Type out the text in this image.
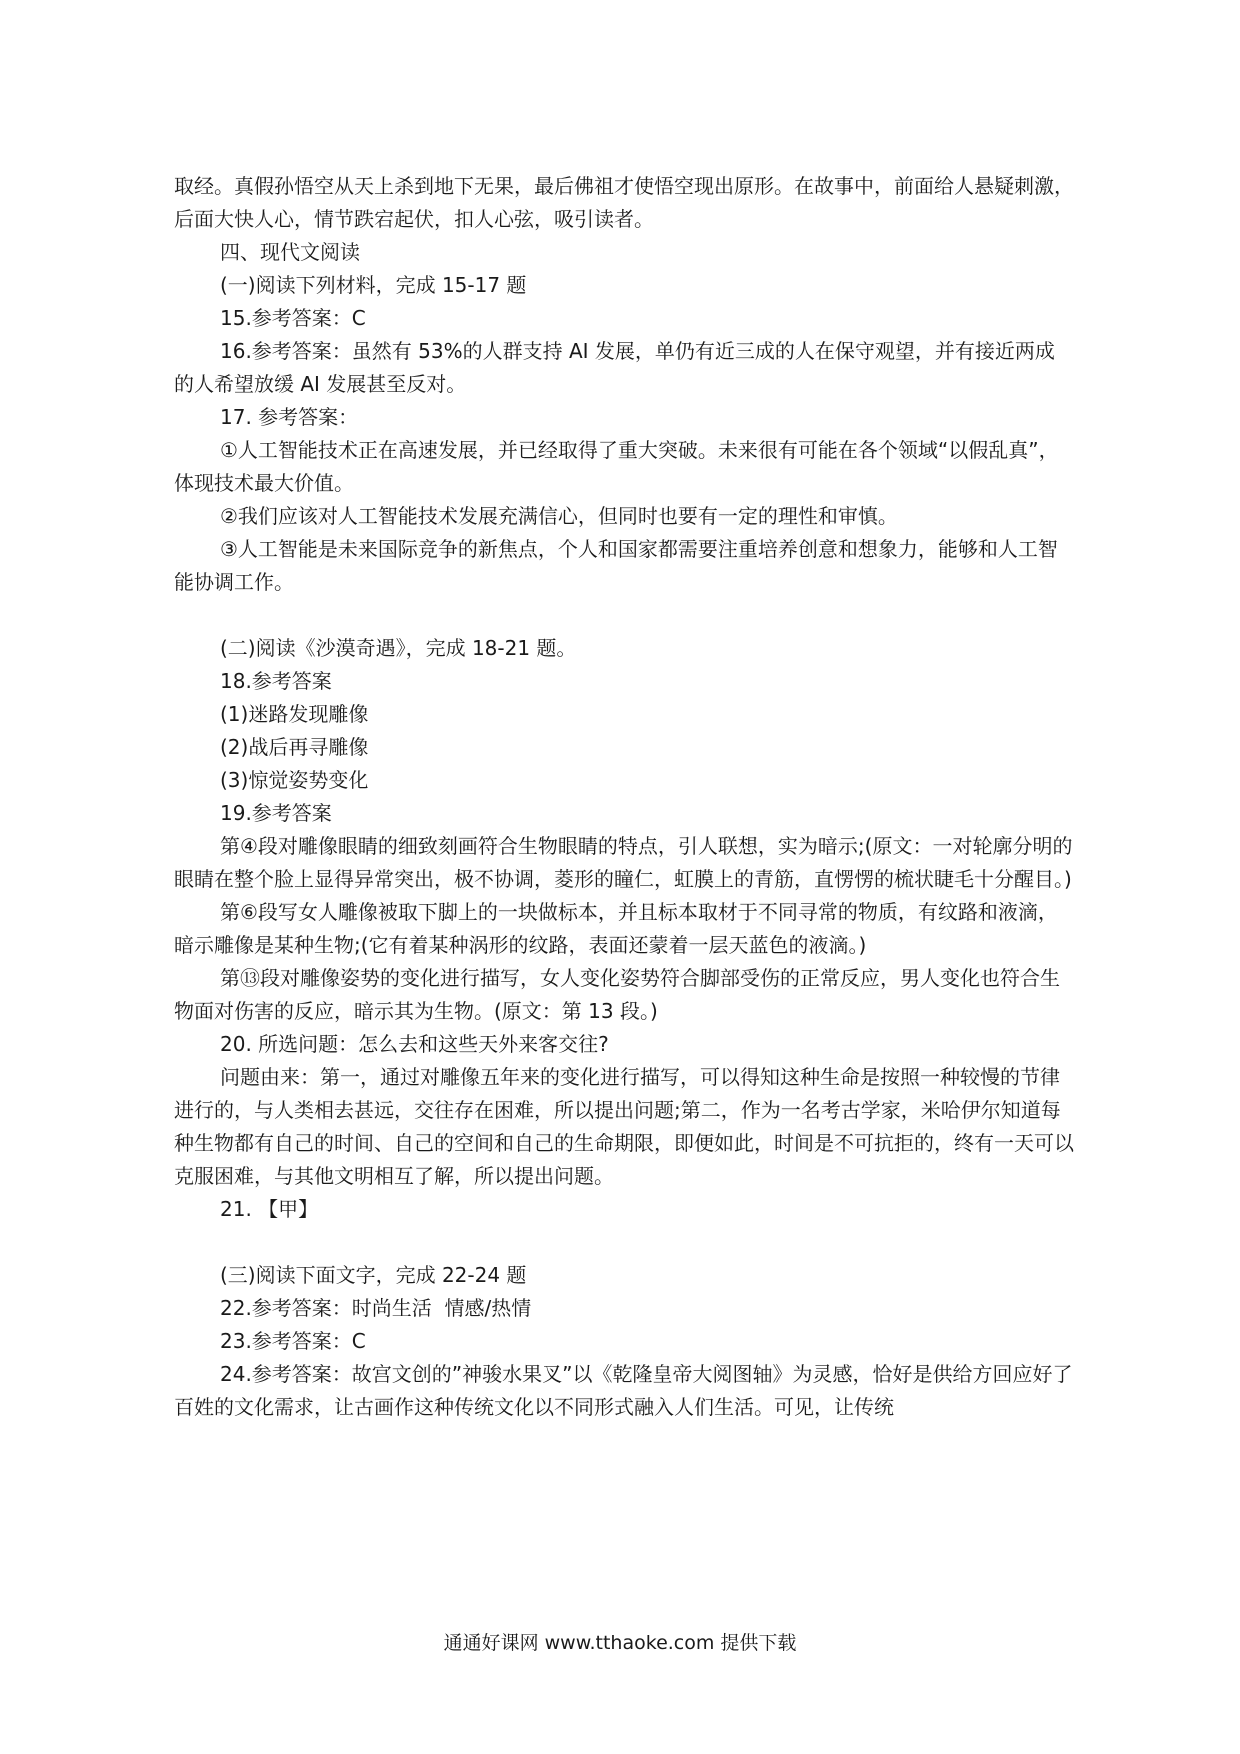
取经。真假孙悟空从天上杀到地下无果，最后佛祖才使悟空现出原形。在故事中，前面给人悬疑刺激，后面大快人心，情节跌宕起伏，扣人心弦，吸引读者。

四、现代文阅读

(一)阅读下列材料，完成 15-17 题

15.参考答案：C

16.参考答案：虽然有 53%的人群支持 AI 发展，单仍有近三成的人在保守观望，并有接近两成的人希望放缓 AI 发展甚至反对。

17. 参考答案：

①人工智能技术正在高速发展，并已经取得了重大突破。未来很有可能在各个领域“以假乱真”，体现技术最大价值。

②我们应该对人工智能技术发展充满信心，但同时也要有一定的理性和审慎。

③人工智能是未来国际竞争的新焦点，个人和国家都需要注重培养创意和想象力，能够和人工智能协调工作。

(二)阅读《沙漠奇遇》，完成 18-21 题。

18.参考答案

(1)迷路发现雕像

(2)战后再寻雕像

(3)惊觉姿势变化

19.参考答案

第④段对雕像眼睛的细致刻画符合生物眼睛的特点，引人联想，实为暗示;(原文：一对轮廓分明的眼睛在整个脸上显得异常突出，极不协调，菱形的瞳仁，虹膜上的青筋，直愣愣的梳状睫毛十分醒目。)

第⑥段写女人雕像被取下脚上的一块做标本，并且标本取材于不同寻常的物质，有纹路和液滴，暗示雕像是某种生物;(它有着某种涡形的纹路，表面还蒙着一层天蓝色的液滴。)

第⑬段对雕像姿势的变化进行描写，女人变化姿势符合脚部受伤的正常反应，男人变化也符合生物面对伤害的反应，暗示其为生物。(原文：第 13 段。)

20. 所选问题：怎么去和这些天外来客交往?

问题由来：第一，通过对雕像五年来的变化进行描写，可以得知这种生命是按照一种较慢的节律进行的，与人类相去甚远，交往存在困难，所以提出问题;第二，作为一名考古学家，米哈伊尔知道每种生物都有自己的时间、自己的空间和自己的生命期限，即便如此，时间是不可抗拒的，终有一天可以克服困难，与其他文明相互了解，所以提出问题。

21. 【甲】

(三)阅读下面文字，完成 22-24 题

22.参考答案：时尚生活  情感/热情

23.参考答案：C

24.参考答案：故宫文创的”神骏水果叉”以《乾隆皇帝大阅图轴》为灵感，恰好是供给方回应好了百姓的文化需求，让古画作这种传统文化以不同形式融入人们生活。可见，让传统

通通好课网 www.tthaoke.com 提供下载
